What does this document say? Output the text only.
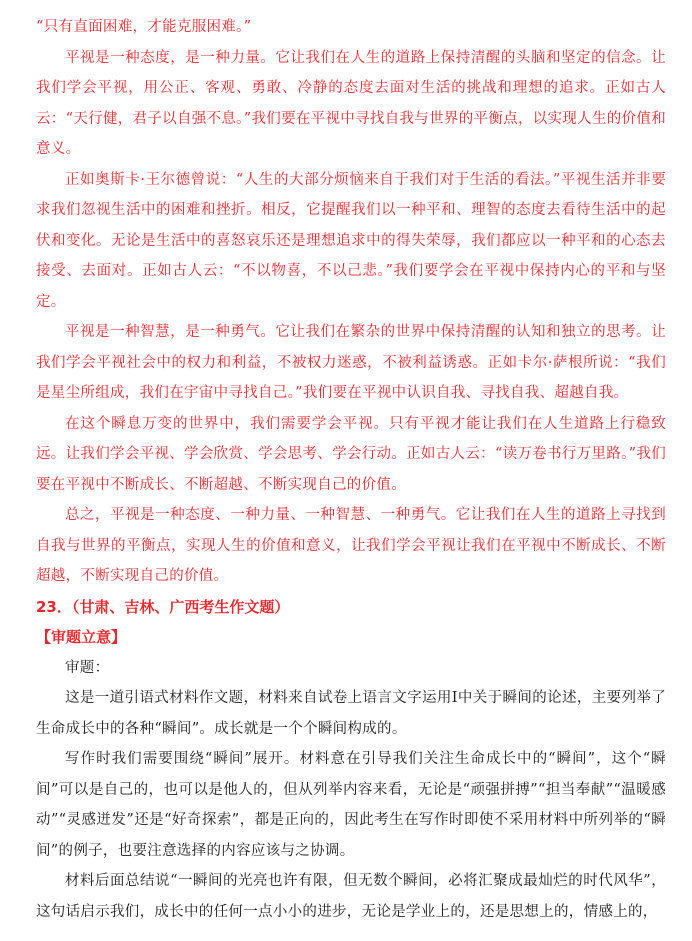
“只有直面困难，才能克服困难。”

平视是一种态度，是一种力量。它让我们在人生的道路上保持清醒的头脑和坚定的信念。让我们学会平视，用公正、客观、勇敢、冷静的态度去面对生活的挑战和理想的追求。正如古人云：“天行健，君子以自强不息。”我们要在平视中寻找自我与世界的平衡点，以实现人生的价值和意义。

正如奥斯卡·王尔德曾说：“人生的大部分烦恼来自于我们对于生活的看法。”平视生活并非要求我们忽视生活中的困难和挫折。相反，它提醒我们以一种平和、理智的态度去看待生活中的起伏和变化。无论是生活中的喜怒哀乐还是理想追求中的得失荣辱，我们都应以一种平和的心态去接受、去面对。正如古人云：“不以物喜，不以己悲。”我们要学会在平视中保持内心的平和与坚定。

平视是一种智慧，是一种勇气。它让我们在繁杂的世界中保持清醒的认知和独立的思考。让我们学会平视社会中的权力和利益，不被权力迷惑，不被利益诱惑。正如卡尔·萨根所说：“我们是星尘所组成，我们在宇宙中寻找自己。”我们要在平视中认识自我、寻找自我、超越自我。

在这个瞬息万变的世界中，我们需要学会平视。只有平视才能让我们在人生道路上行稳致远。让我们学会平视、学会欣赏、学会思考、学会行动。正如古人云：“读万卷书行万里路。”我们要在平视中不断成长、不断超越、不断实现自己的价值。

总之，平视是一种态度、一种力量、一种智慧、一种勇气。它让我们在人生的道路上寻找到自我与世界的平衡点，实现人生的价值和意义，让我们学会平视让我们在平视中不断成长、不断超越，不断实现自己的价值。

23．（甘肃、吉林、广西考生作文题）

【审题立意】

审题：

这是一道引语式材料作文题，材料来自试卷上语言文字运用Ⅰ中关于瞬间的论述，主要列举了生命成长中的各种“瞬间”。成长就是一个个瞬间构成的。

写作时我们需要围绕“瞬间”展开。材料意在引导我们关注生命成长中的“瞬间”，这个“瞬间”可以是自己的，也可以是他人的，但从列举内容来看，无论是“顽强拼搏”“担当奉献”“温暖感动”“灵感迸发”还是“好奇探索”，都是正向的，因此考生在写作时即使不采用材料中所列举的“瞬间”的例子，也要注意选择的内容应该与之协调。

材料后面总结说“一瞬间的光亮也许有限，但无数个瞬间，必将汇聚成最灿烂的时代风华”，这句话启示我们，成长中的任何一点小小的进步，无论是学业上的，还是思想上的，情感上的，
